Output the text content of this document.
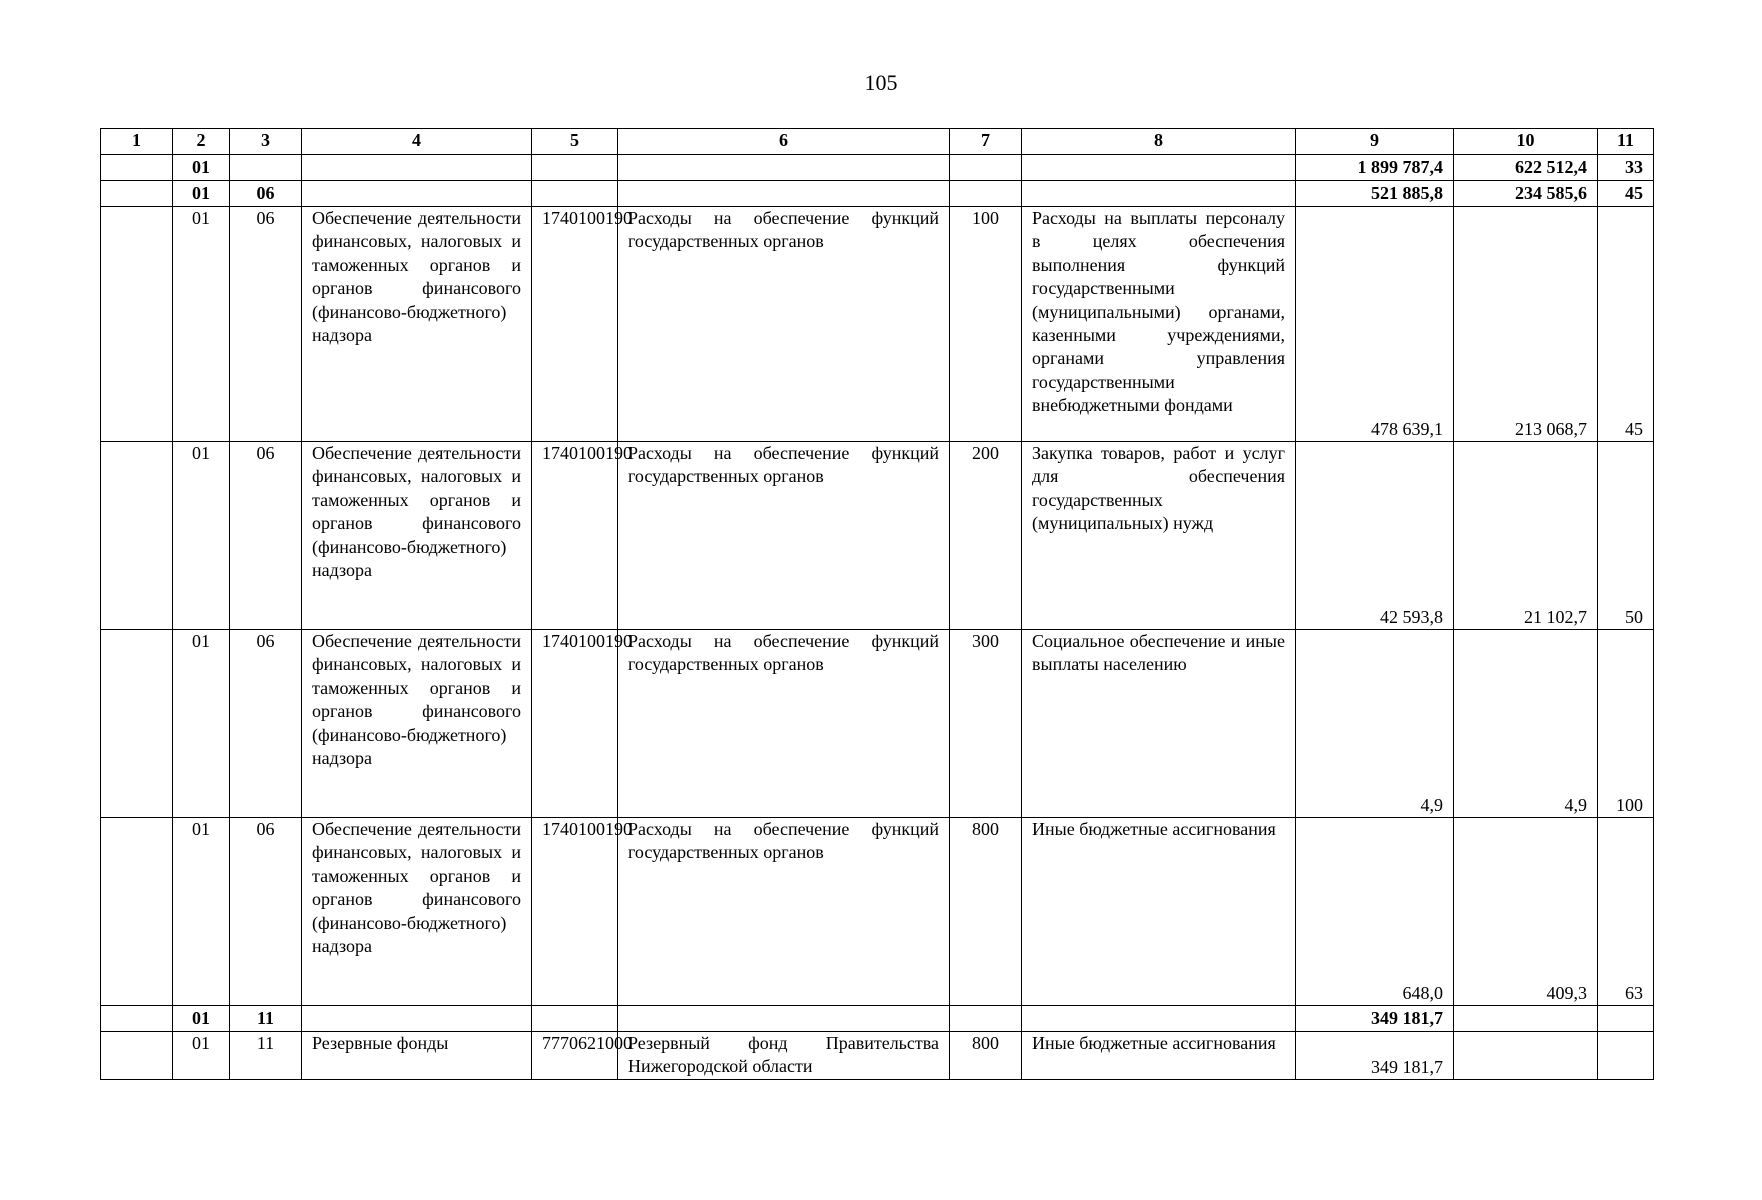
105
1	2	3	4	5	6	7	8	9	10	11
	01							1 899 787,4	622 512,4	33
	01	06						521 885,8	234 585,6	45
	01	06	Обеспечение деятельности финансовых, налоговых и таможенных органов и органов финансового (финансово-бюджетного) надзора	1740100190	Расходы на обеспечение функций государственных органов	100	Расходы на выплаты персоналу в целях обеспечения выполнения функций государственными (муниципальными) органами, казенными учреждениями, органами управления государственными внебюджетными фондами	478 639,1	213 068,7	45
	01	06	Обеспечение деятельности финансовых, налоговых и таможенных органов и органов финансового (финансово-бюджетного) надзора	1740100190	Расходы на обеспечение функций государственных органов	200	Закупка товаров, работ и услуг для обеспечения государственных (муниципальных) нужд	42 593,8	21 102,7	50
	01	06	Обеспечение деятельности финансовых, налоговых и таможенных органов и органов финансового (финансово-бюджетного) надзора	1740100190	Расходы на обеспечение функций государственных органов	300	Социальное обеспечение и иные выплаты населению	4,9	4,9	100
	01	06	Обеспечение деятельности финансовых, налоговых и таможенных органов и органов финансового (финансово-бюджетного) надзора	1740100190	Расходы на обеспечение функций государственных органов	800	Иные бюджетные ассигнования	648,0	409,3	63
	01	11						349 181,7		
	01	11	Резервные фонды	7770621000	Резервный фонд Правительства Нижегородской области	800	Иные бюджетные ассигнования	349 181,7		
